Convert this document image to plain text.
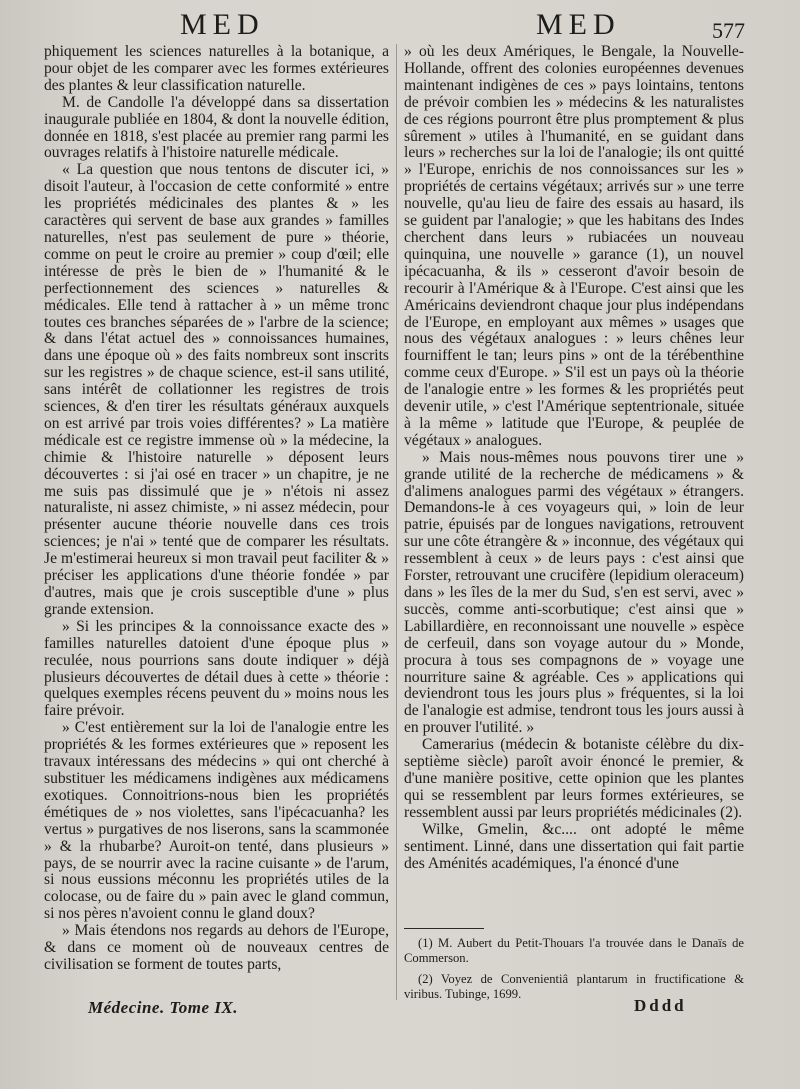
MED	MED	577

phiquement les sciences naturelles à la botanique, a pour objet de les comparer avec les formes extérieures des plantes & leur classification naturelle.

M. de Candolle l'a développé dans sa dissertation inaugurale publiée en 1804, & dont la nouvelle édition, donnée en 1818, s'est placée au premier rang parmi les ouvrages relatifs à l'histoire naturelle médicale.

« La question que nous tentons de discuter ici, » disoit l'auteur, à l'occasion de cette conformité » entre les propriétés médicinales des plantes & » les caractères qui servent de base aux grandes » familles naturelles, n'est pas seulement de pure » théorie, comme on peut le croire au premier » coup d'œil; elle intéresse de près le bien de » l'humanité & le perfectionnement des sciences » naturelles & médicales. Elle tend à rattacher à » un même tronc toutes ces branches séparées de » l'arbre de la science; & dans l'état actuel des » connoissances humaines, dans une époque où » des faits nombreux sont inscrits sur les registres » de chaque science, est-il sans utilité, sans intérêt de collationner les registres de trois sciences, & d'en tirer les résultats généraux auxquels on est arrivé par trois voies différentes? » La matière médicale est ce registre immense où » la médecine, la chimie & l'histoire naturelle » déposent leurs découvertes : si j'ai osé en tracer » un chapitre, je ne me suis pas dissimulé que je » n'étois ni assez naturaliste, ni assez chimiste, » ni assez médecin, pour présenter aucune théorie nouvelle dans ces trois sciences; je n'ai » tenté que de comparer les résultats. Je m'estimerai heureux si mon travail peut faciliter & » préciser les applications d'une théorie fondée » par d'autres, mais que je crois susceptible d'une » plus grande extension.

» Si les principes & la connoissance exacte des » familles naturelles datoient d'une époque plus » reculée, nous pourrions sans doute indiquer » déjà plusieurs découvertes de détail dues à cette » théorie : quelques exemples récens peuvent du » moins nous les faire prévoir.

» C'est entièrement sur la loi de l'analogie entre les propriétés & les formes extérieures que » reposent les travaux intéressans des médecins » qui ont cherché à substituer les médicamens indigènes aux médicamens exotiques. Connoitrions-nous bien les propriétés émétiques de » nos violettes, sans l'ipécacuanha? les vertus » purgatives de nos liserons, sans la scammonée » & la rhubarbe? Auroit-on tenté, dans plusieurs » pays, de se nourrir avec la racine cuisante » de l'arum, si nous eussions méconnu les propriétés utiles de la colocase, ou de faire du » pain avec le gland commun, si nos pères n'avoient connu le gland doux?

» Mais étendons nos regards au dehors de l'Europe, & dans ce moment où de nouveaux centres de civilisation se forment de toutes parts,

» où les deux Amériques, le Bengale, la Nouvelle-Hollande, offrent des colonies européennes devenues maintenant indigènes de ces » pays lointains, tentons de prévoir combien les » médecins & les naturalistes de ces régions pourront être plus promptement & plus sûrement » utiles à l'humanité, en se guidant dans leurs » recherches sur la loi de l'analogie; ils ont quitté » l'Europe, enrichis de nos connoissances sur les » propriétés de certains végétaux; arrivés sur » une terre nouvelle, qu'au lieu de faire des essais au hasard, ils se guident par l'analogie; » que les habitans des Indes cherchent dans leurs » rubiacées un nouveau quinquina, une nouvelle » garance (1), un nouvel ipécacuanha, & ils » cesseront d'avoir besoin de recourir à l'Amérique & à l'Europe. C'est ainsi que les Américains deviendront chaque jour plus indépendans de l'Europe, en employant aux mêmes » usages que nous des végétaux analogues : » leurs chênes leur fourniffent le tan; leurs pins » ont de la térébenthine comme ceux d'Europe. » S'il est un pays où la théorie de l'analogie entre » les formes & les propriétés peut devenir utile, » c'est l'Amérique septentrionale, située à la même » latitude que l'Europe, & peuplée de végétaux » analogues.

» Mais nous-mêmes nous pouvons tirer une » grande utilité de la recherche de médicamens » & d'alimens analogues parmi des végétaux » étrangers. Demandons-le à ces voyageurs qui, » loin de leur patrie, épuisés par de longues navigations, retrouvent sur une côte étrangère & » inconnue, des végétaux qui ressemblent à ceux » de leurs pays : c'est ainsi que Forster, retrouvant une crucifère (lepidium oleraceum) dans » les îles de la mer du Sud, s'en est servi, avec » succès, comme anti-scorbutique; c'est ainsi que » Labillardière, en reconnoissant une nouvelle » espèce de cerfeuil, dans son voyage autour du » Monde, procura à tous ses compagnons de » voyage une nourriture saine & agréable. Ces » applications qui deviendront tous les jours plus » fréquentes, si la loi de l'analogie est admise, tendront tous les jours aussi à en prouver l'utilité. »

Camerarius (médecin & botaniste célèbre du dix-septième siècle) paroît avoir énoncé le premier, & d'une manière positive, cette opinion que les plantes qui se ressemblent par leurs formes extérieures, se ressemblent aussi par leurs propriétés médicinales (2).

Wilke, Gmelin, &c.... ont adopté le même sentiment. Linné, dans une dissertation qui fait partie des Aménités académiques, l'a énoncé d'une

(1) M. Aubert du Petit-Thouars l'a trouvée dans le Danaïs de Commerson.

(2) Voyez de Convenientiâ plantarum in fructificatione & viribus. Tubinge, 1699.

Médecine. Tome IX.	Dddd
